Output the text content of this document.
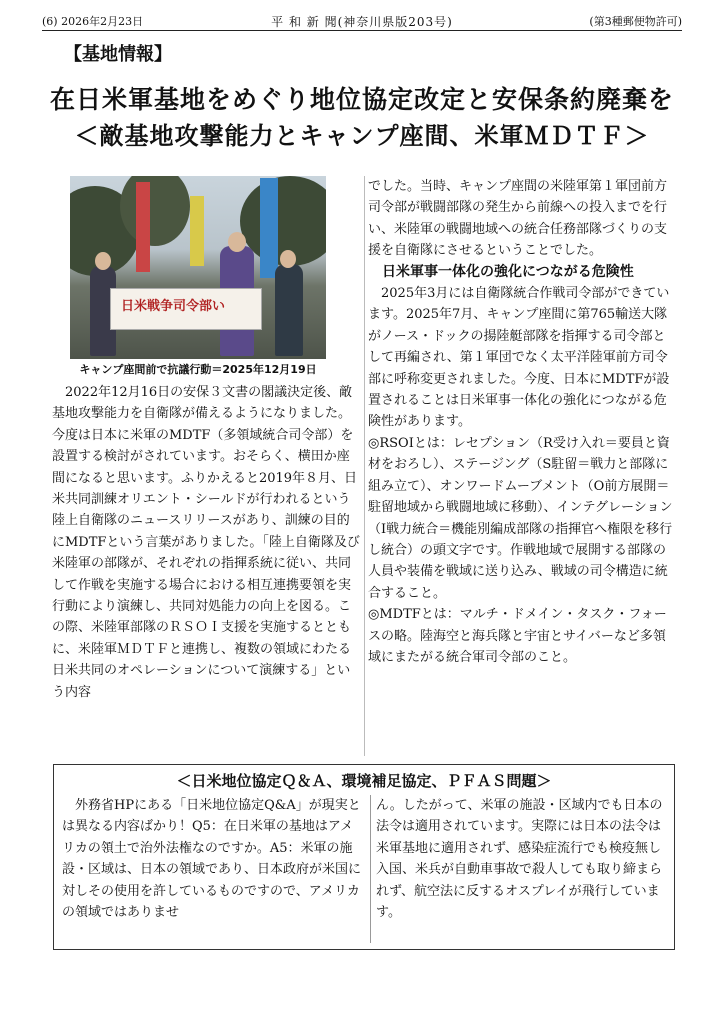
(6) 2026年2月23日	平 和 新 聞(神奈川県版203号)	(第3種郵便物許可)
【基地情報】
在日米軍基地をめぐり地位協定改定と安保条約廃棄を
＜敵基地攻撃能力とキャンプ座間、米軍ＭＤＴＦ＞
日米戦争司令部い
キャンプ座間前で抗議行動＝2025年12月19日

　2022年12月16日の安保３文書の閣議決定後、敵基地攻撃能力を自衛隊が備えるようになりました。今度は日本に米軍のMDTF（多領域統合司令部）を設置する検討がされています。おそらく、横田か座間になると思います。ふりかえると2019年８月、日米共同訓練オリエント・シールドが行われるという陸上自衛隊のニュースリリースがあり、訓練の目的にMDTFという言葉がありました。「陸上自衛隊及び米陸軍の部隊が、それぞれの指揮系統に従い、共同して作戦を実施する場合における相互連携要領を実行動により演練し、共同対処能力の向上を図る。この際、米陸軍部隊のＲＳＯＩ支援を実施するとともに、米陸軍ＭＤＴＦと連携し、複数の領域にわたる日米共同のオペレーションについて演練する」という内容

でした。当時、キャンプ座間の米陸軍第１軍団前方司令部が戦闘部隊の発生から前線への投入までを行い、米陸軍の戦闘地域への統合任務部隊づくりの支援を自衛隊にさせるということでした。

日米軍事一体化の強化につながる危険性

　2025年3月には自衛隊統合作戦司令部ができています。2025年7月、キャンプ座間に第765輸送大隊がノース・ドックの揚陸艇部隊を指揮する司令部として再編され、第１軍団でなく太平洋陸軍前方司令部に呼称変更されました。今度、日本にMDTFが設置されることは日米軍事一体化の強化につながる危険性があります。

◎RSOIとは：レセプション（R受け入れ＝要員と資材をおろし）、ステージング（S駐留＝戦力と部隊に組み立て）、オンワードムーブメント（O前方展開＝駐留地域から戦闘地域に移動）、インテグレーション（I戦力統合＝機能別編成部隊の指揮官へ権限を移行し統合）の頭文字です。作戦地域で展開する部隊の人員や装備を戦域に送り込み、戦域の司令構造に統合すること。

◎MDTFとは：マルチ・ドメイン・タスク・フォースの略。陸海空と海兵隊と宇宙とサイバーなど多領域にまたがる統合軍司令部のこと。

＜日米地位協定Ｑ＆Ａ、環境補足協定、ＰＦＡＳ問題＞
　外務省HPにある「日米地位協定Q&A」が現実とは異なる内容ばかり！Q5：在日米軍の基地はアメリカの領土で治外法権なのですか。A5：米軍の施設・区域は、日本の領域であり、日本政府が米国に対しその使用を許しているものですので、アメリカの領域ではありませ
ん。したがって、米軍の施設・区域内でも日本の法令は適用されています。実際には日本の法令は米軍基地に適用されず、感染症流行でも検疫無し入国、米兵が自動車事故で殺人しても取り締まられず、航空法に反するオスプレイが飛行しています。
